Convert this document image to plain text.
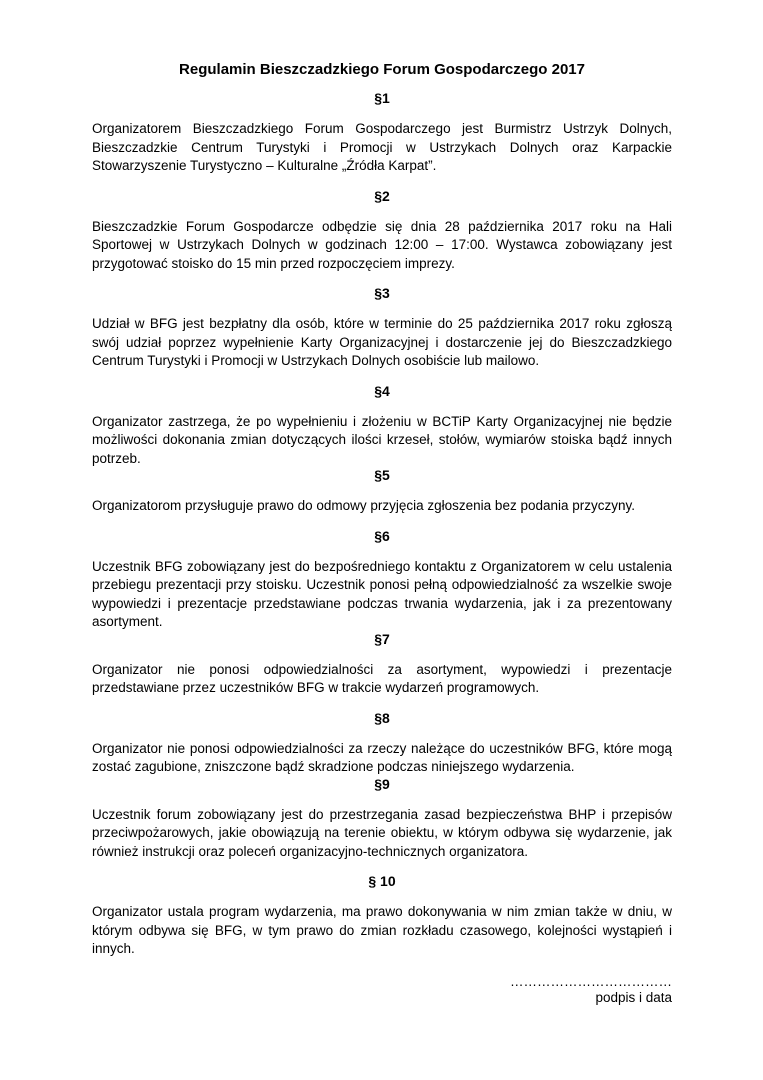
Regulamin Bieszczadzkiego Forum Gospodarczego 2017
§1

Organizatorem Bieszczadzkiego Forum Gospodarczego jest Burmistrz Ustrzyk Dolnych, Bieszczadzkie Centrum Turystyki i Promocji w Ustrzykach Dolnych oraz Karpackie Stowarzyszenie Turystyczno – Kulturalne „Źródła Karpat”.

§2

Bieszczadzkie Forum Gospodarcze odbędzie się dnia 28 października 2017 roku na Hali Sportowej w Ustrzykach Dolnych w godzinach 12:00 – 17:00. Wystawca zobowiązany jest przygotować stoisko do 15 min przed rozpoczęciem imprezy.

§3

Udział w BFG jest bezpłatny dla osób, które w terminie do 25 października 2017 roku zgłoszą swój udział poprzez wypełnienie Karty Organizacyjnej i dostarczenie jej do Bieszczadzkiego Centrum Turystyki i Promocji w Ustrzykach Dolnych osobiście lub mailowo.

§4

Organizator zastrzega, że po wypełnieniu i złożeniu w BCTiP Karty Organizacyjnej nie będzie możliwości dokonania zmian dotyczących ilości krzeseł, stołów, wymiarów stoiska bądź innych potrzeb.

§5

Organizatorom przysługuje prawo do odmowy przyjęcia zgłoszenia bez podania przyczyny.

§6

Uczestnik BFG zobowiązany jest do bezpośredniego kontaktu z Organizatorem w celu ustalenia przebiegu prezentacji przy stoisku. Uczestnik ponosi pełną odpowiedzialność za wszelkie swoje wypowiedzi i prezentacje przedstawiane podczas trwania wydarzenia, jak i za prezentowany asortyment.

§7

Organizator nie ponosi odpowiedzialności za asortyment, wypowiedzi i prezentacje przedstawiane przez uczestników BFG w trakcie wydarzeń programowych.

§8

Organizator nie ponosi odpowiedzialności za rzeczy należące do uczestników BFG, które mogą zostać zagubione, zniszczone bądź skradzione podczas niniejszego wydarzenia.

§9

Uczestnik forum zobowiązany jest do przestrzegania zasad bezpieczeństwa BHP i przepisów przeciwpożarowych, jakie obowiązują na terenie obiektu, w którym odbywa się wydarzenie, jak również instrukcji oraz poleceń organizacyjno-technicznych organizatora.

§ 10

Organizator ustala program wydarzenia, ma prawo dokonywania w nim zmian także w dniu, w którym odbywa się BFG, w tym prawo do zmian rozkładu czasowego, kolejności wystąpień i innych.

………………………………
podpis i data
